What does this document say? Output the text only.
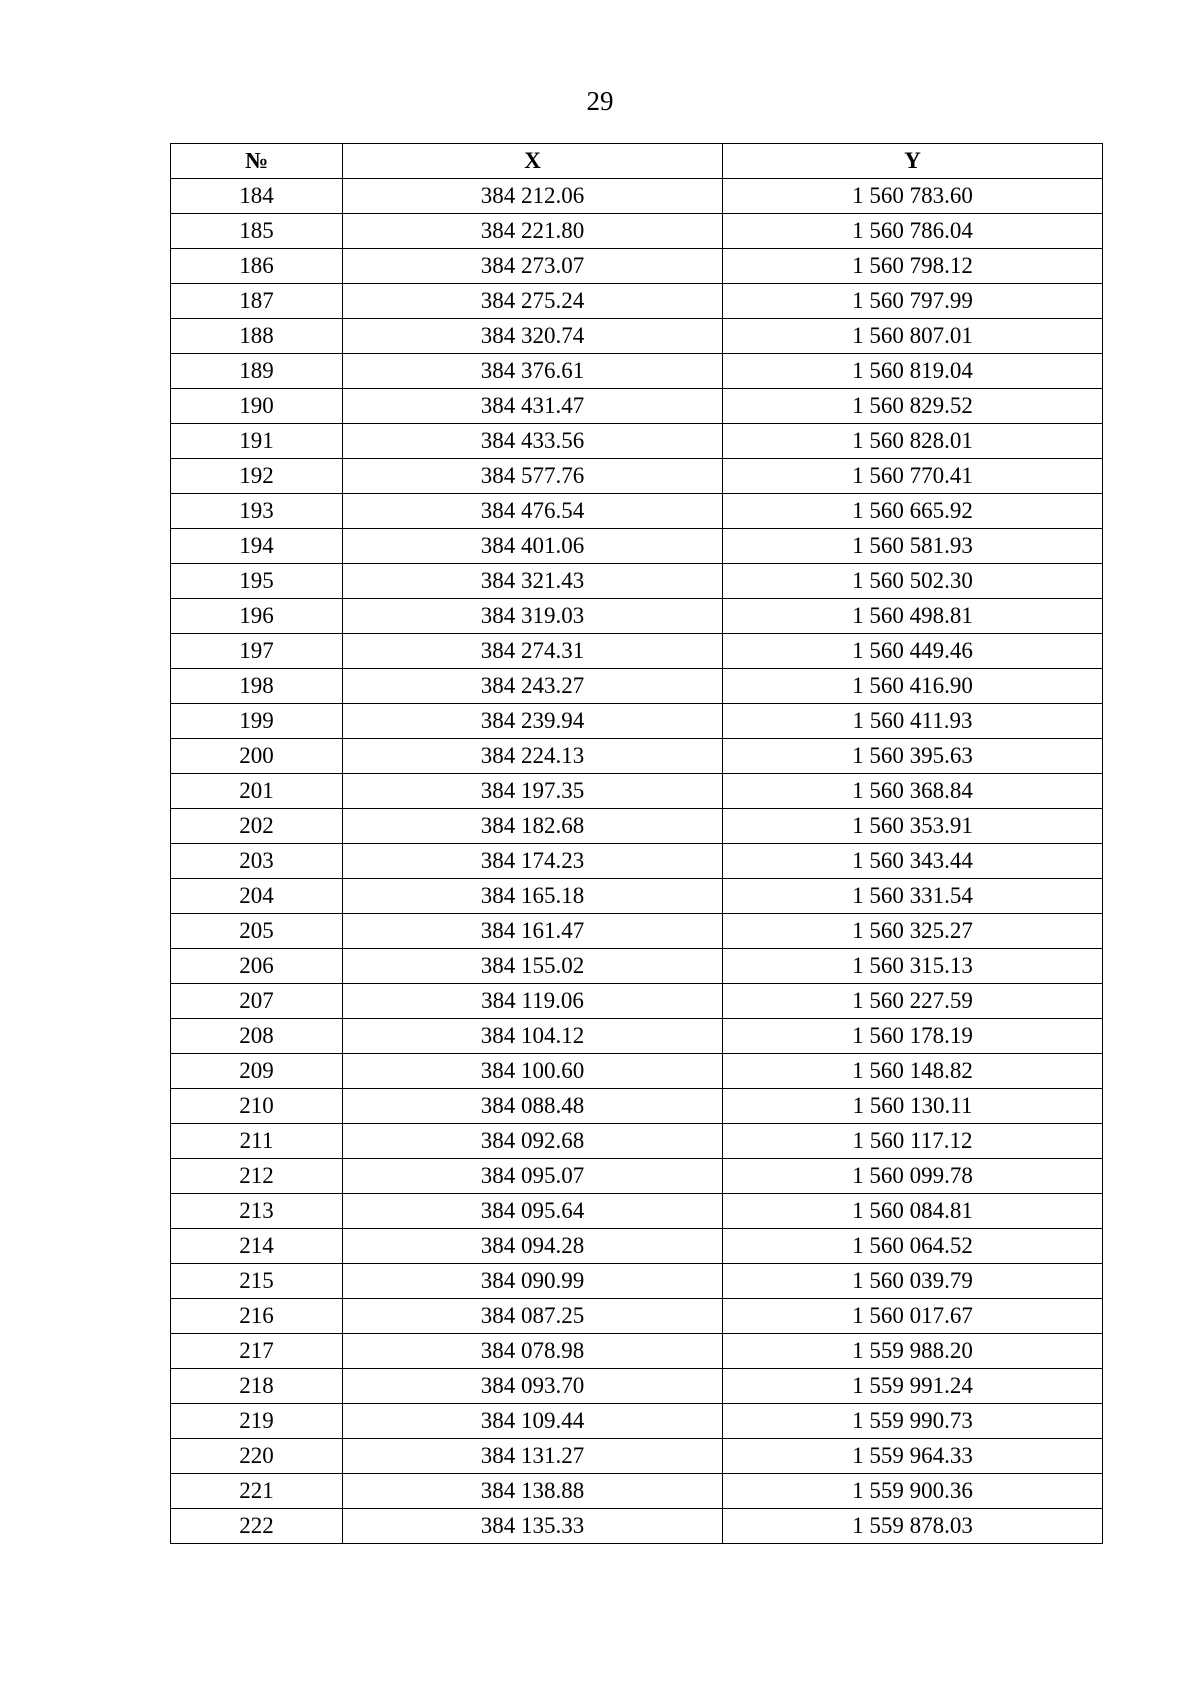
29
№	X	Y
184	384 212.06	1 560 783.60
185	384 221.80	1 560 786.04
186	384 273.07	1 560 798.12
187	384 275.24	1 560 797.99
188	384 320.74	1 560 807.01
189	384 376.61	1 560 819.04
190	384 431.47	1 560 829.52
191	384 433.56	1 560 828.01
192	384 577.76	1 560 770.41
193	384 476.54	1 560 665.92
194	384 401.06	1 560 581.93
195	384 321.43	1 560 502.30
196	384 319.03	1 560 498.81
197	384 274.31	1 560 449.46
198	384 243.27	1 560 416.90
199	384 239.94	1 560 411.93
200	384 224.13	1 560 395.63
201	384 197.35	1 560 368.84
202	384 182.68	1 560 353.91
203	384 174.23	1 560 343.44
204	384 165.18	1 560 331.54
205	384 161.47	1 560 325.27
206	384 155.02	1 560 315.13
207	384 119.06	1 560 227.59
208	384 104.12	1 560 178.19
209	384 100.60	1 560 148.82
210	384 088.48	1 560 130.11
211	384 092.68	1 560 117.12
212	384 095.07	1 560 099.78
213	384 095.64	1 560 084.81
214	384 094.28	1 560 064.52
215	384 090.99	1 560 039.79
216	384 087.25	1 560 017.67
217	384 078.98	1 559 988.20
218	384 093.70	1 559 991.24
219	384 109.44	1 559 990.73
220	384 131.27	1 559 964.33
221	384 138.88	1 559 900.36
222	384 135.33	1 559 878.03
